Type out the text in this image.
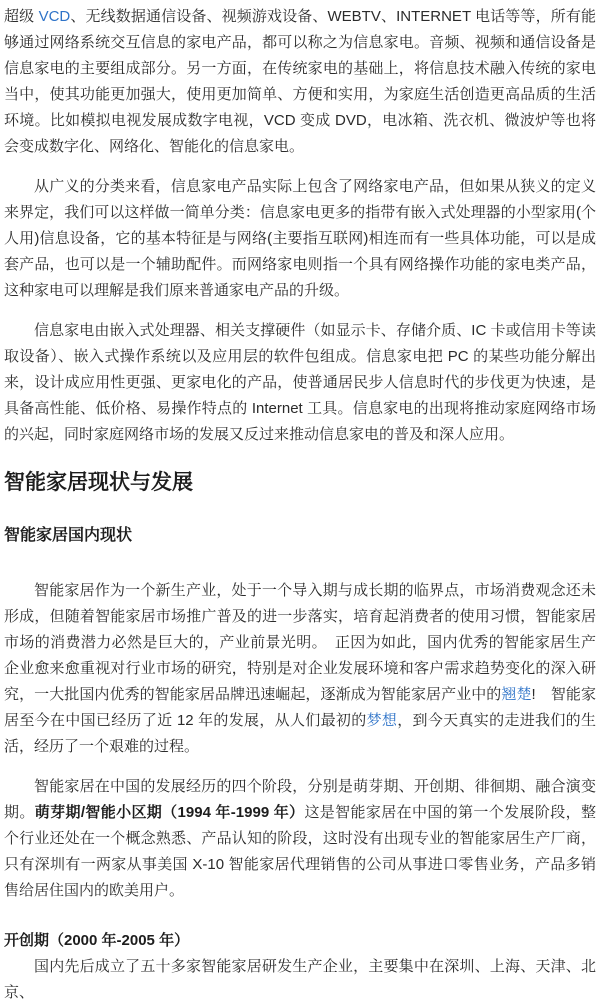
超级 VCD、无线数据通信设备、视频游戏设备、WEBTV、INTERNET 电话等等，所有能够通过网络系统交互信息的家电产品，都可以称之为信息家电。音频、视频和通信设备是信息家电的主要组成部分。另一方面，在传统家电的基础上，将信息技术融入传统的家电当中，使其功能更加强大，使用更加简单、方便和实用，为家庭生活创造更高品质的生活环境。比如模拟电视发展成数字电视，VCD 变成 DVD，电冰箱、洗衣机、微波炉等也将会变成数字化、网络化、智能化的信息家电。

从广义的分类来看，信息家电产品实际上包含了网络家电产品，但如果从狭义的定义来界定，我们可以这样做一简单分类：信息家电更多的指带有嵌入式处理器的小型家用(个人用)信息设备，它的基本特征是与网络(主要指互联网)相连而有一些具体功能，可以是成套产品，也可以是一个辅助配件。而网络家电则指一个具有网络操作功能的家电类产品，这种家电可以理解是我们原来普通家电产品的升级。

信息家电由嵌入式处理器、相关支撑硬件（如显示卡、存储介质、IC 卡或信用卡等读取设备）、嵌入式操作系统以及应用层的软件包组成。信息家电把 PC 的某些功能分解出来，设计成应用性更强、更家电化的产品，使普通居民步人信息时代的步伐更为快速，是具备高性能、低价格、易操作特点的 Internet 工具。信息家电的出现将推动家庭网络市场的兴起，同时家庭网络市场的发展又反过来推动信息家电的普及和深人应用。

智能家居现状与发展
智能家居国内现状

智能家居作为一个新生产业，处于一个导入期与成长期的临界点，市场消费观念还未形成，但随着智能家居市场推广普及的进一步落实，培育起消费者的使用习惯，智能家居市场的消费潜力必然是巨大的，产业前景光明。　正因为如此，国内优秀的智能家居生产企业愈来愈重视对行业市场的研究，特别是对企业发展环境和客户需求趋势变化的深入研究，一大批国内优秀的智能家居品牌迅速崛起，逐渐成为智能家居产业中的翘楚!　智能家居至今在中国已经历了近 12 年的发展，从人们最初的梦想，到今天真实的走进我们的生活，经历了一个艰难的过程。

智能家居在中国的发展经历的四个阶段，分别是萌芽期、开创期、徘徊期、融合演变期。萌芽期/智能小区期（1994 年-1999 年）这是智能家居在中国的第一个发展阶段，整个行业还处在一个概念熟悉、产品认知的阶段，这时没有出现专业的智能家居生产厂商，只有深圳有一两家从事美国 X-10 智能家居代理销售的公司从事进口零售业务，产品多销售给居住国内的欧美用户。

开创期（2000 年-2005 年）

国内先后成立了五十多家智能家居研发生产企业，主要集中在深圳、上海、天津、北京、
